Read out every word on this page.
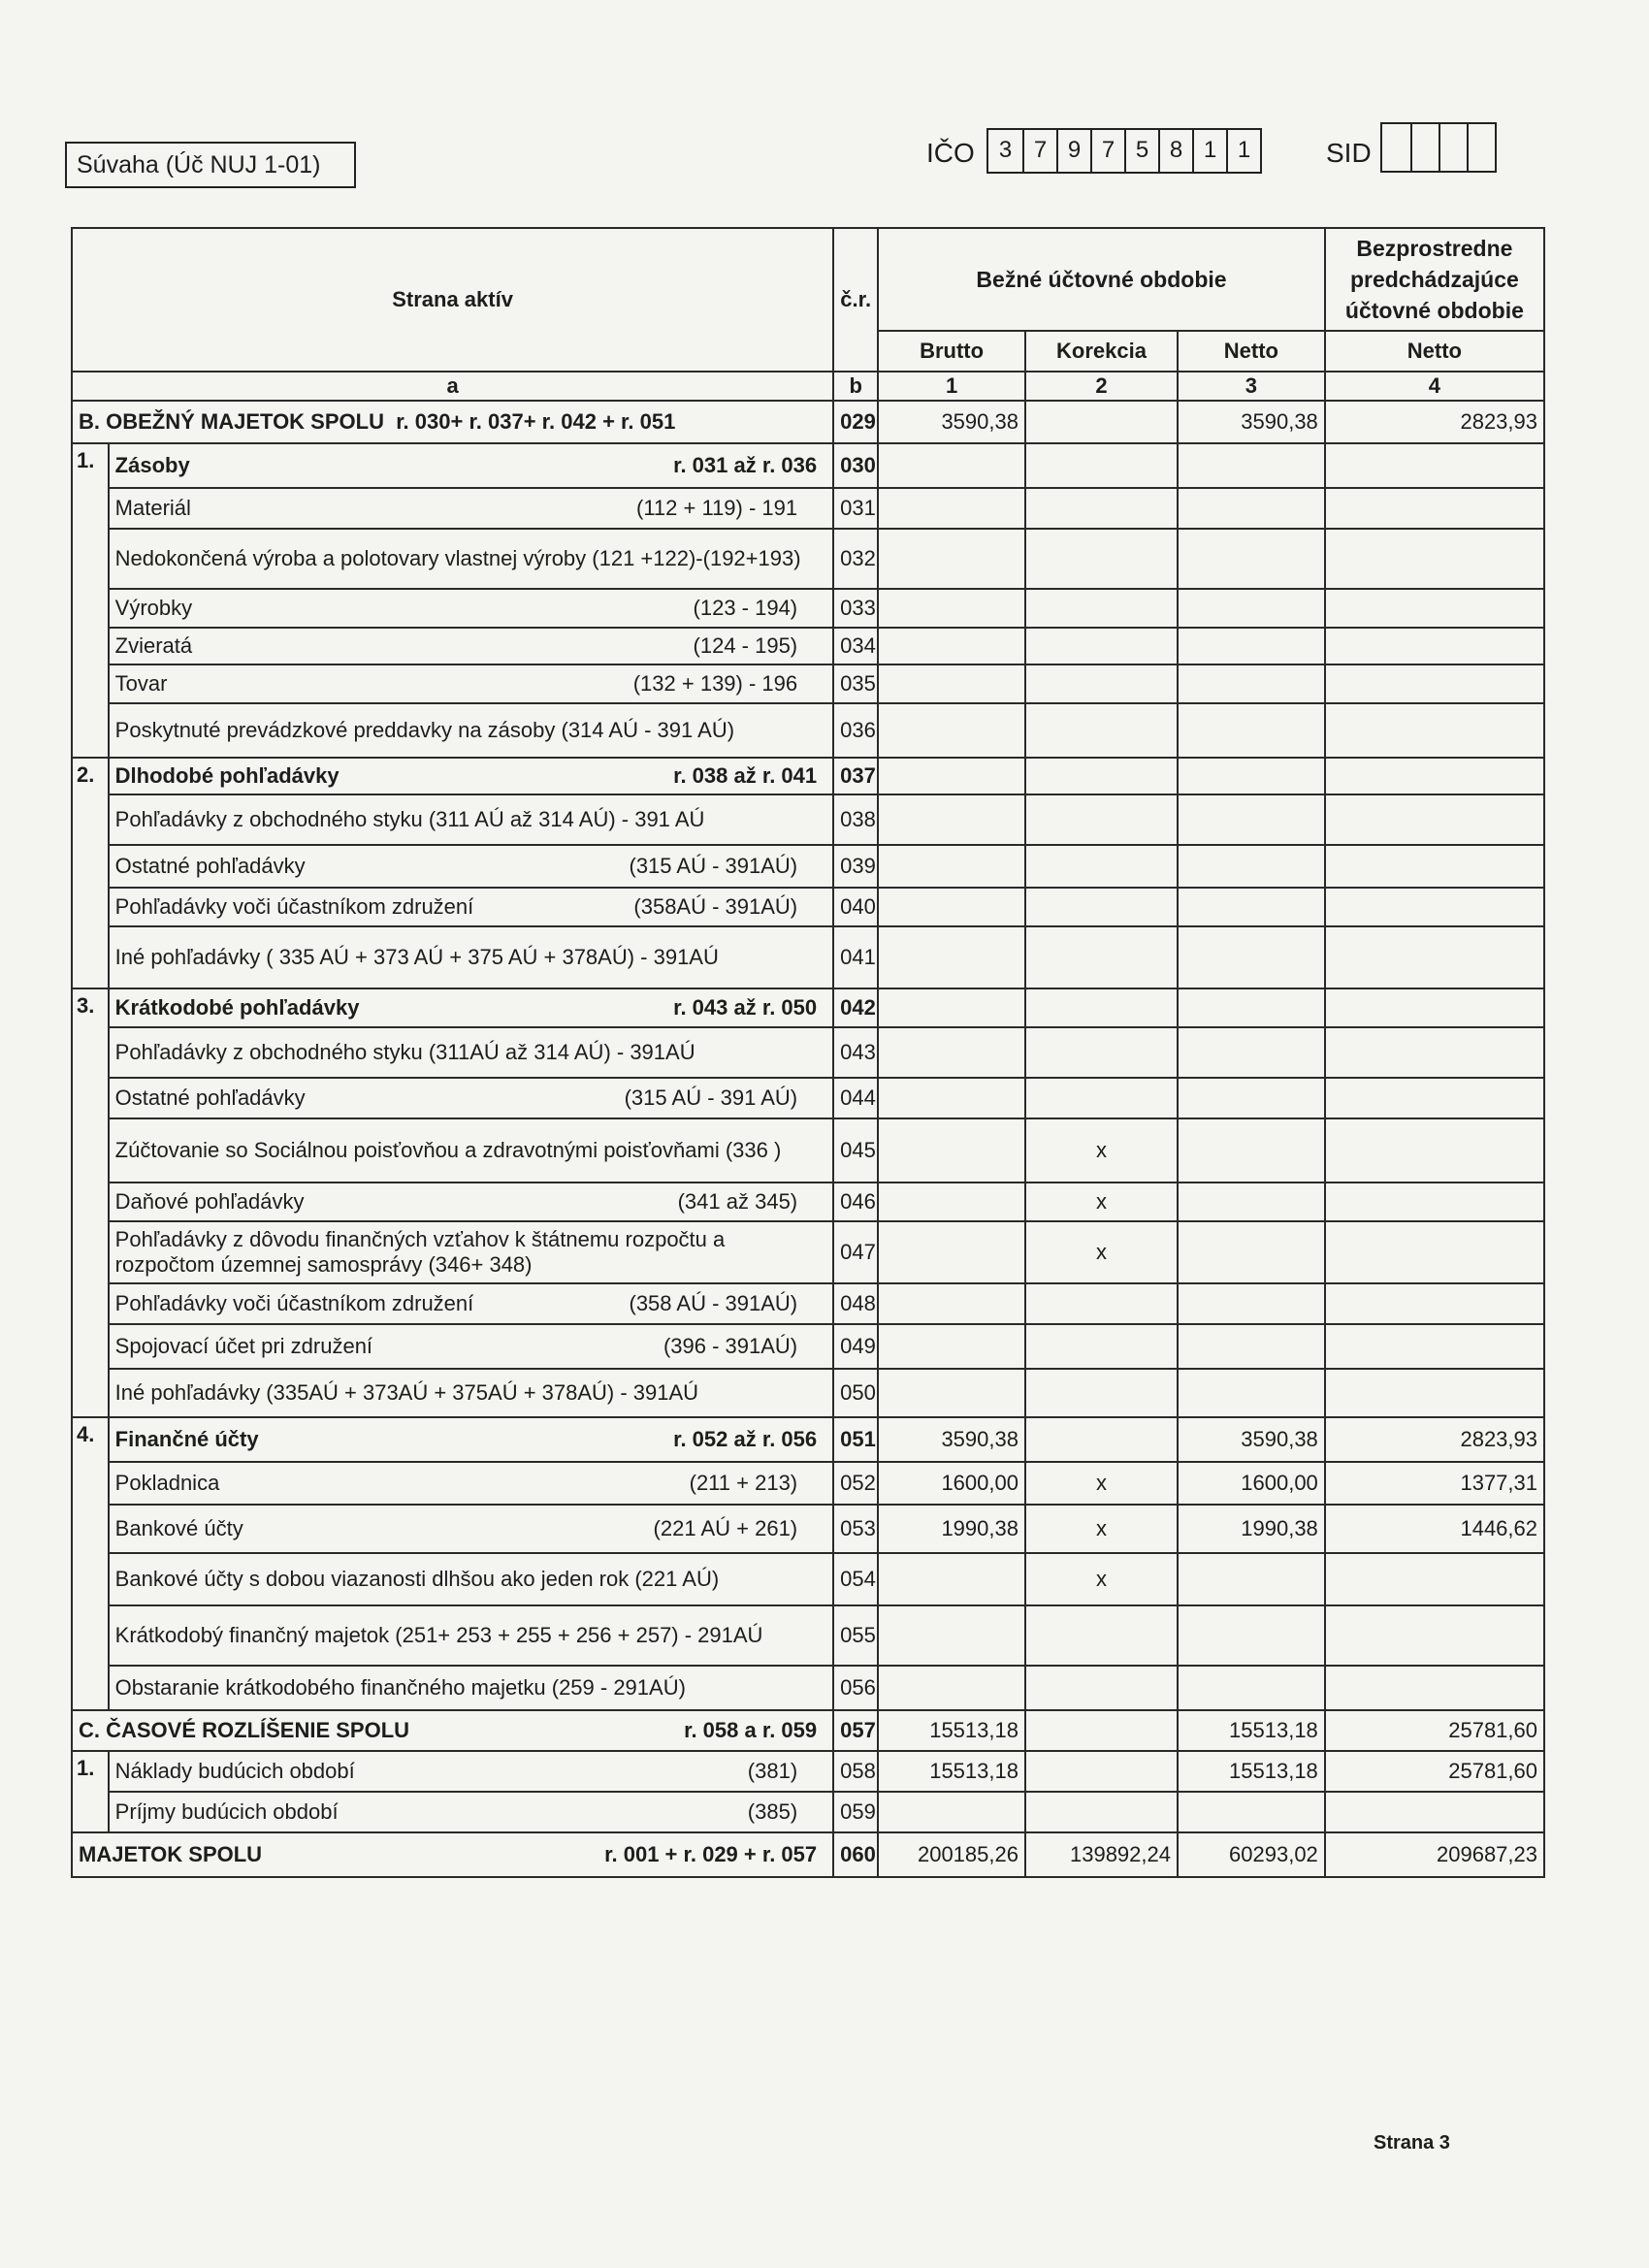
Súvaha (Úč NUJ 1-01)	IČO	3 7 9 7 5 8 1 1	SID
Strana aktív		č.r.	Bežné účtovné obdobie			Bezprostredne predchádzajúce účtovné obdobie
			Brutto	Korekcia	Netto	Netto
a		b	1	2	3	4
B. OBEŽNÝ MAJETOK SPOLU r. 030+ r. 037+ r. 042 + r. 051		029	3590,38		3590,38	2823,93
1.	Zásoby r. 031 až r. 036	030				
	Materiál (112 + 119) - 191	031				
	Nedokončená výroba a polotovary vlastnej výroby (121 +122)-(192+193)	032				
	Výrobky (123 - 194)	033				
	Zvieratá (124 - 195)	034				
	Tovar (132 + 139) - 196	035				
	Poskytnuté prevádzkové preddavky na zásoby (314 AÚ - 391 AÚ)	036				
2.	Dlhodobé pohľadávky r. 038 až r. 041	037				
	Pohľadávky z obchodného styku (311 AÚ až 314 AÚ) - 391 AÚ	038				
	Ostatné pohľadávky (315 AÚ - 391AÚ)	039				
	Pohľadávky voči účastníkom združení (358AÚ - 391AÚ)	040				
	Iné pohľadávky ( 335 AÚ + 373 AÚ + 375 AÚ + 378AÚ) - 391AÚ	041				
3.	Krátkodobé pohľadávky r. 043 až r. 050	042				
	Pohľadávky z obchodného styku (311AÚ až 314 AÚ) - 391AÚ	043				
	Ostatné pohľadávky (315 AÚ - 391 AÚ)	044				
	Zúčtovanie so Sociálnou poisťovňou a zdravotnými poisťovňami (336 )	045		x		
	Daňové pohľadávky (341 až 345)	046		x		
	Pohľadávky z dôvodu finančných vzťahov k štátnemu rozpočtu a rozpočtom územnej samosprávy (346+ 348)	047		x		
	Pohľadávky voči účastníkom združení (358 AÚ - 391AÚ)	048				
	Spojovací účet pri združení (396 - 391AÚ)	049				
	Iné pohľadávky (335AÚ + 373AÚ + 375AÚ + 378AÚ) - 391AÚ	050				
4.	Finančné účty r. 052 až r. 056	051	3590,38		3590,38	2823,93
	Pokladnica (211 + 213)	052	1600,00	x	1600,00	1377,31
	Bankové účty (221 AÚ + 261)	053	1990,38	x	1990,38	1446,62
	Bankové účty s dobou viazanosti dlhšou ako jeden rok (221 AÚ)	054		x		
	Krátkodobý finančný majetok (251+ 253 + 255 + 256 + 257) - 291AÚ	055				
	Obstaranie krátkodobého finančného majetku (259 - 291AÚ)	056				
C. ČASOVÉ ROZLÍŠENIE SPOLU r. 058 a r. 059		057	15513,18		15513,18	25781,60
1.	Náklady budúcich období (381)	058	15513,18		15513,18	25781,60
	Príjmy budúcich období (385)	059				
MAJETOK SPOLU r. 001 + r. 029 + r. 057		060	200185,26	139892,24	60293,02	209687,23
Strana 3
